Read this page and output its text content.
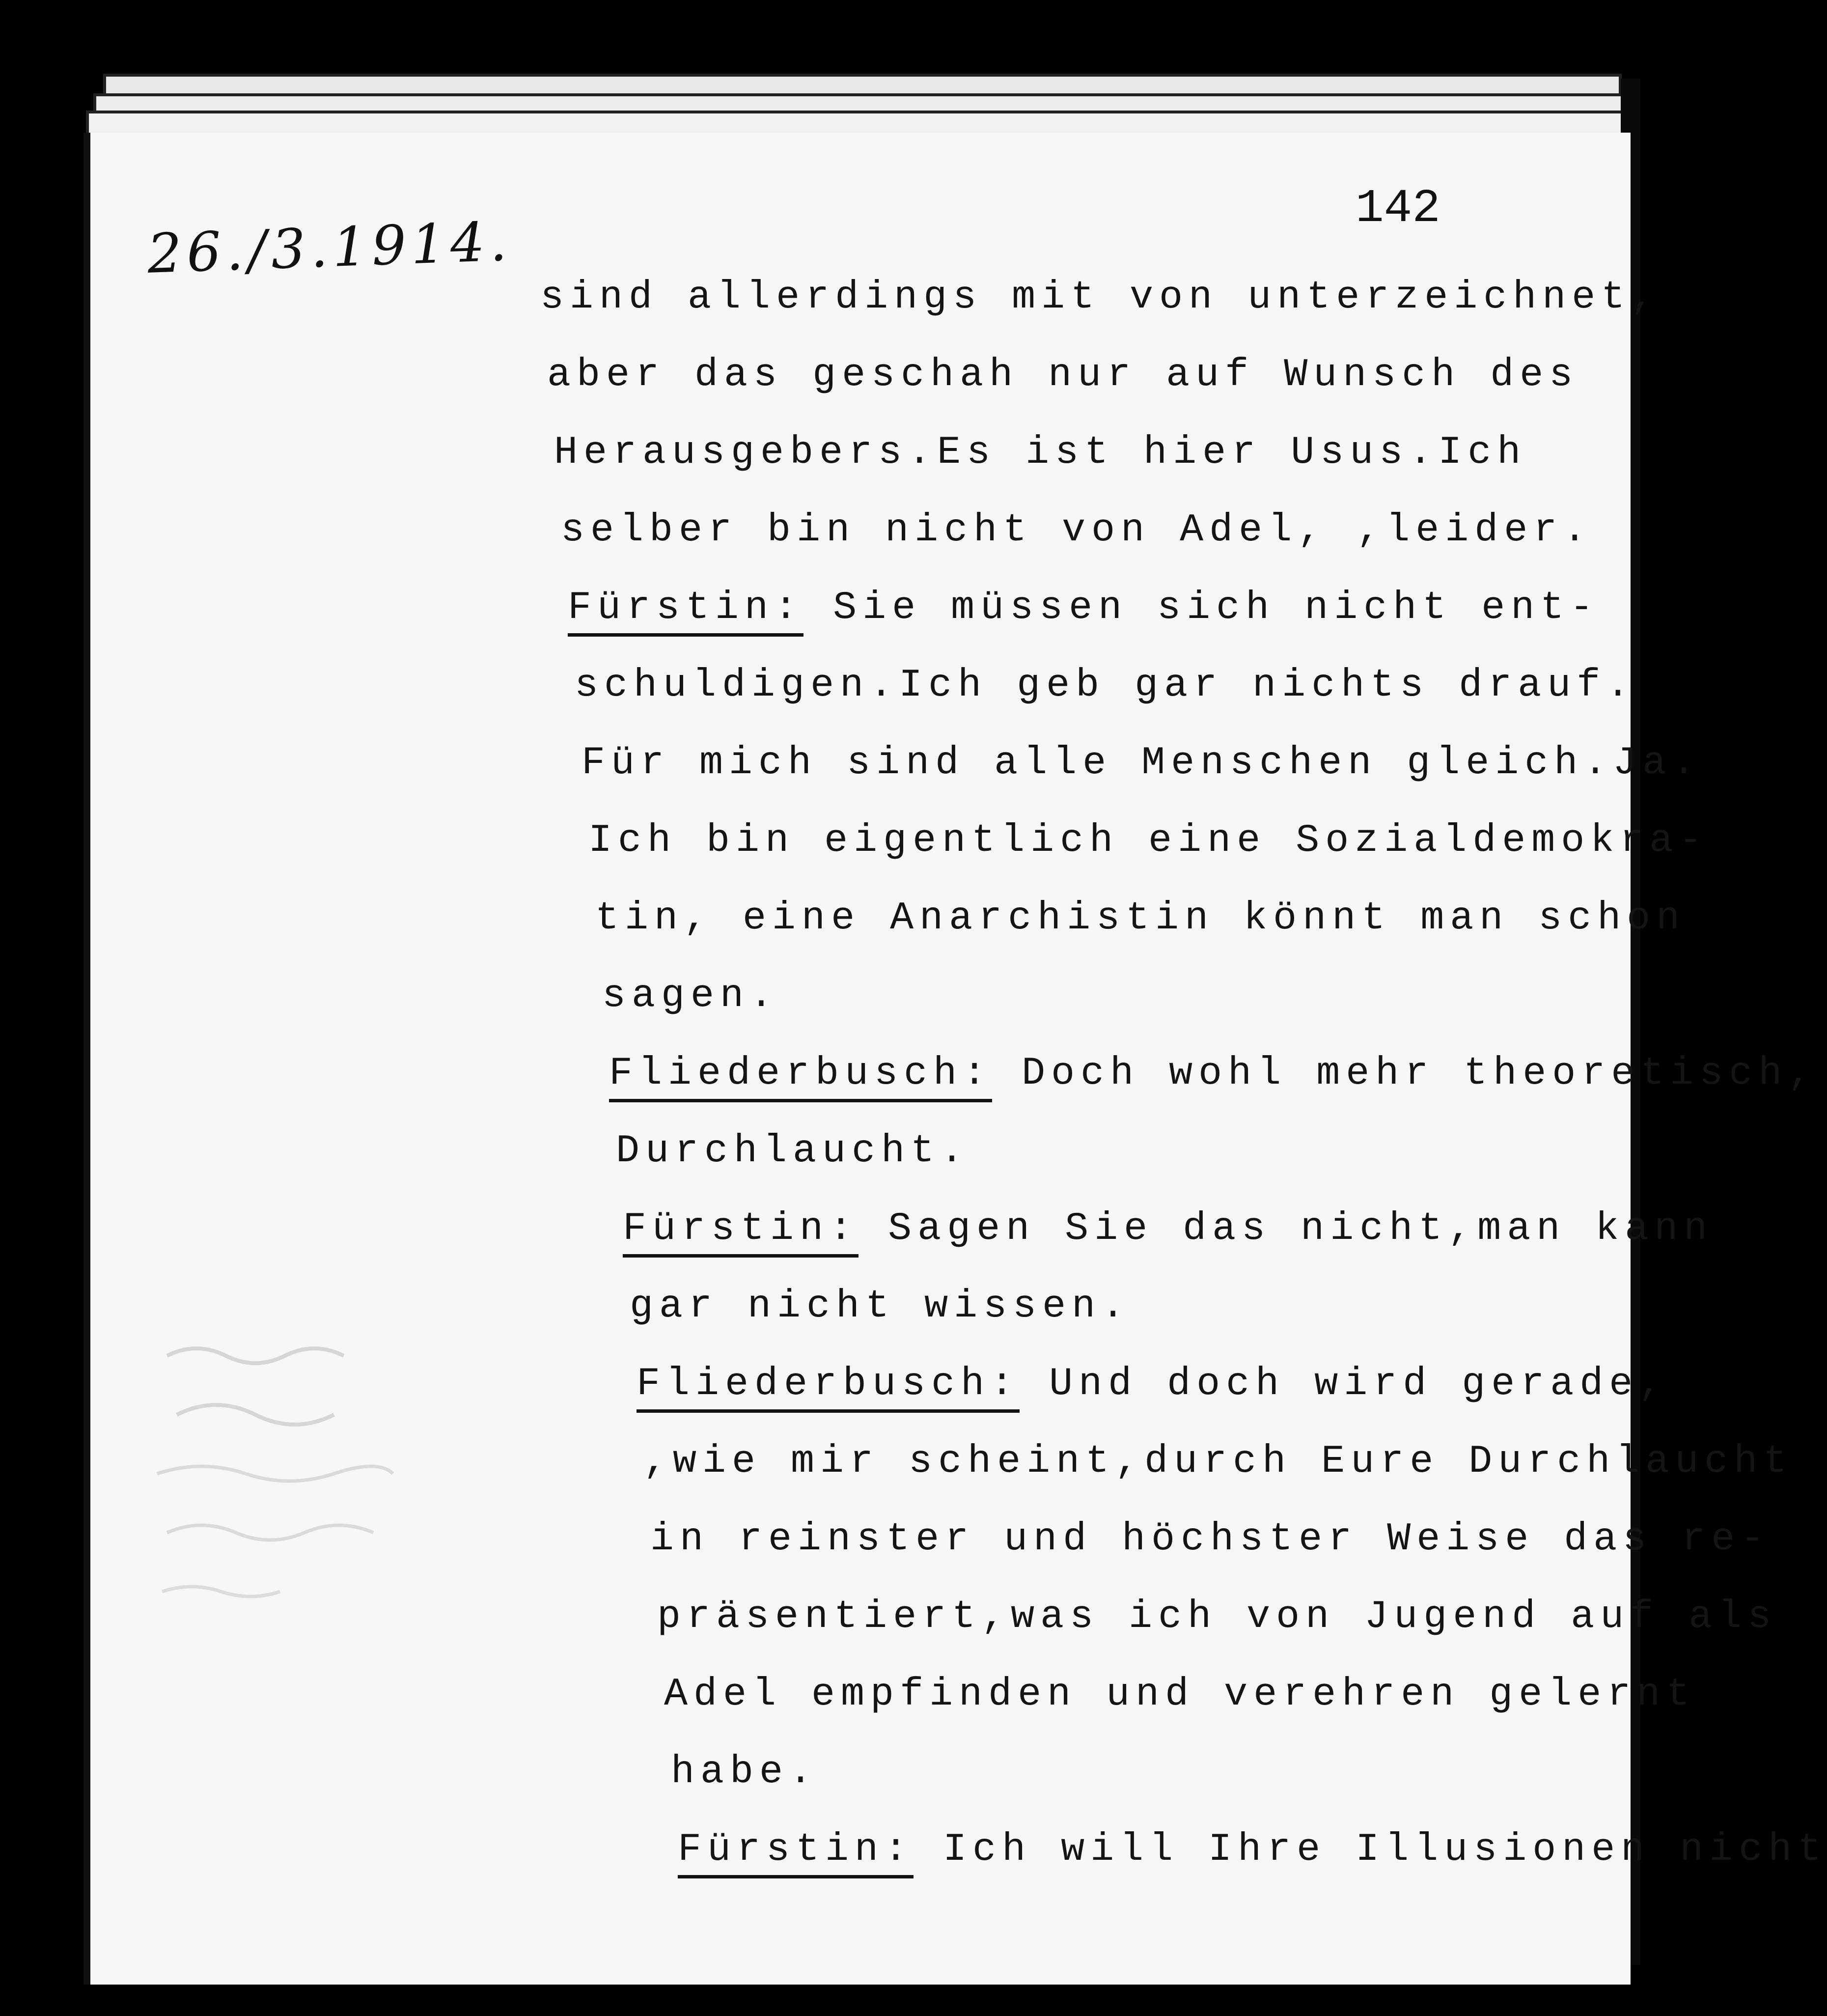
26./3.1914.
142
sind allerdings mit von unterzeichnet,
aber das geschah nur auf Wunsch des
Herausgebers.Es ist hier Usus.Ich
selber bin nicht von Adel, ,leider.
Fürstin: Sie müssen sich nicht ent-
schuldigen.Ich geb gar nichts drauf.
Für mich sind alle Menschen gleich.Ja.
Ich bin eigentlich eine Sozialdemokra-
tin, eine Anarchistin könnt man schon
sagen.
Fliederbusch: Doch wohl mehr theoretisch,
Durchlaucht.
Fürstin: Sagen Sie das nicht,man kann
gar nicht wissen.
Fliederbusch: Und doch wird gerade,
,wie mir scheint,durch Eure Durchlaucht
in reinster und höchster Weise das re-
präsentiert,was ich von Jugend auf als
Adel empfinden und verehren gelernt
habe.
Fürstin: Ich will Ihre Illusionen nicht
